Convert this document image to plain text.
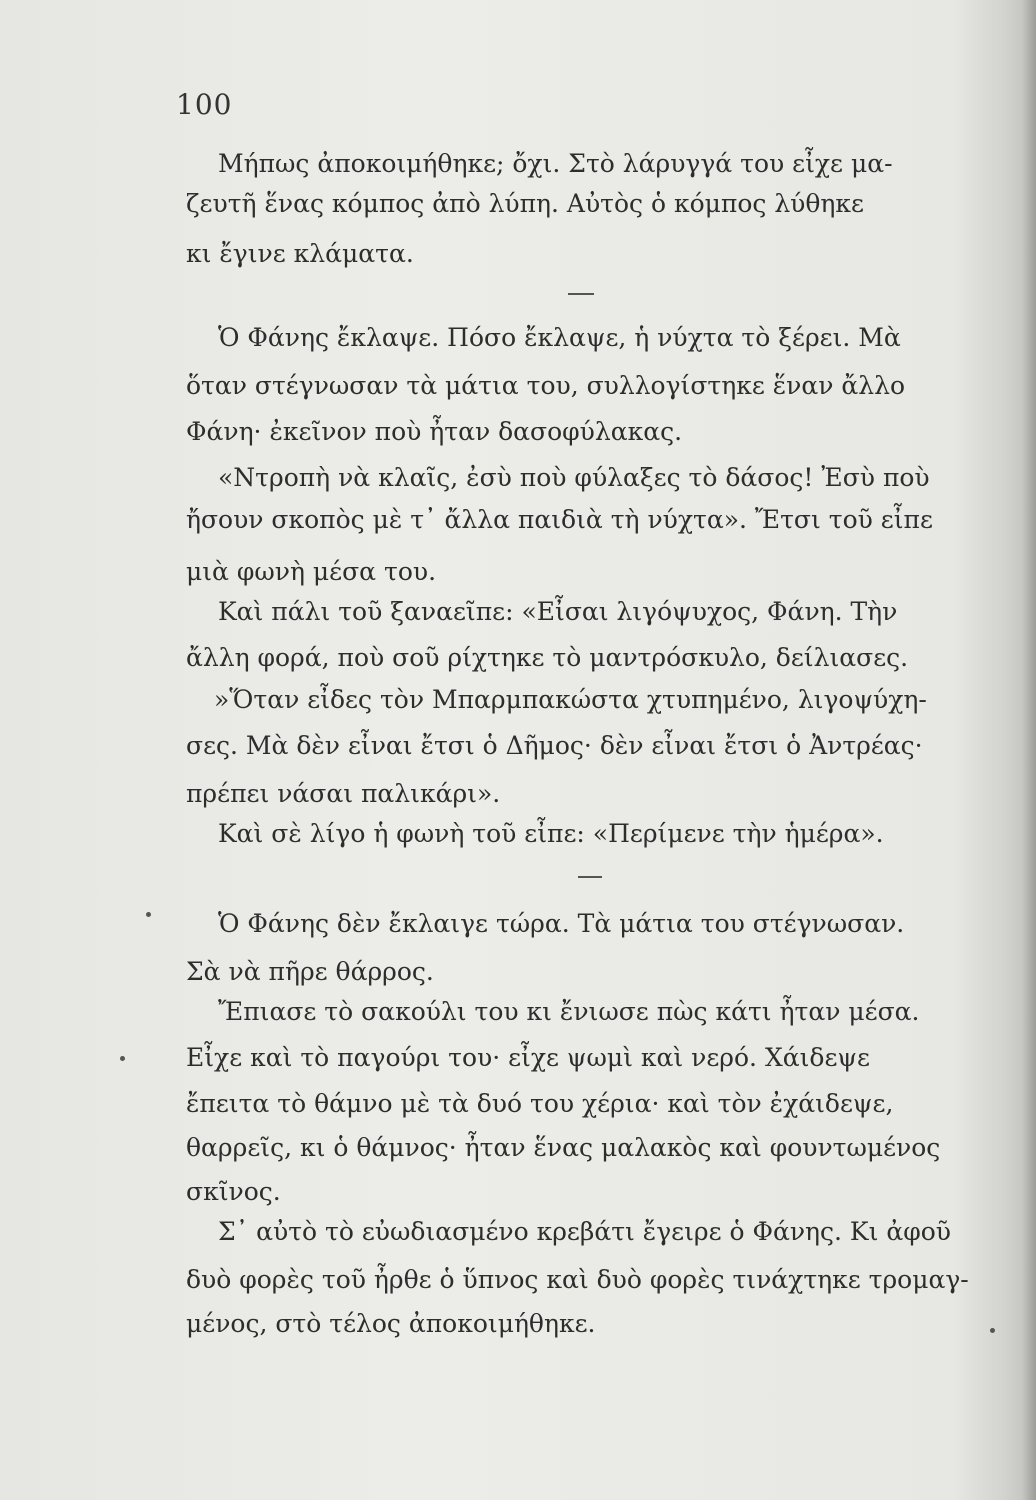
100
Μήπως ἀποκοιμήθηκε; ὄχι. Στὸ λάρυγγά του εἶχε μα-
ζευτῆ ἕνας κόμπος ἀπὸ λύπη. Αὐτὸς ὁ κόμπος λύθηκε
κι ἔγινε κλάματα.
Ὁ Φάνης ἔκλαψε. Πόσο ἔκλαψε, ἡ νύχτα τὸ ξέρει. Μὰ
ὅταν στέγνωσαν τὰ μάτια του, συλλογίστηκε ἕναν ἄλλο
Φάνη· ἐκεῖνον ποὺ ἦταν δασοφύλακας.
«Ντροπὴ νὰ κλαῖς, ἐσὺ ποὺ φύλαξες τὸ δάσος! Ἐσὺ ποὺ
ἤσουν σκοπὸς μὲ τ᾽ ἄλλα παιδιὰ τὴ νύχτα». Ἔτσι τοῦ εἶπε
μιὰ φωνὴ μέσα του.
Καὶ πάλι τοῦ ξαναεῖπε: «Εἶσαι λιγόψυχος, Φάνη. Τὴν
ἄλλη φορά, ποὺ σοῦ ρίχτηκε τὸ μαντρόσκυλο, δείλιασες.
»Ὅταν εἶδες τὸν Μπαρμπακώστα χτυπημένο, λιγοψύχη-
σες. Μὰ δὲν εἶναι ἔτσι ὁ Δῆμος· δὲν εἶναι ἔτσι ὁ Ἀντρέας·
πρέπει νάσαι παλικάρι».
Καὶ σὲ λίγο ἡ φωνὴ τοῦ εἶπε: «Περίμενε τὴν ἡμέρα».
Ὁ Φάνης δὲν ἔκλαιγε τώρα. Τὰ μάτια του στέγνωσαν.
Σὰ νὰ πῆρε θάρρος.
Ἔπιασε τὸ σακούλι του κι ἔνιωσε πὼς κάτι ἦταν μέσα.
Εἶχε καὶ τὸ παγούρι του· εἶχε ψωμὶ καὶ νερό. Χάιδεψε
ἔπειτα τὸ θάμνο μὲ τὰ δυό του χέρια· καὶ τὸν ἐχάιδεψε,
θαρρεῖς, κι ὁ θάμνος· ἦταν ἕνας μαλακὸς καὶ φουντωμένος
σκῖνος.
Σ᾽ αὐτὸ τὸ εὐωδιασμένο κρεβάτι ἔγειρε ὁ Φάνης. Κι ἀφοῦ
δυὸ φορὲς τοῦ ἦρθε ὁ ὕπνος καὶ δυὸ φορὲς τινάχτηκε τρομαγ-
μένος, στὸ τέλος ἀποκοιμήθηκε.
